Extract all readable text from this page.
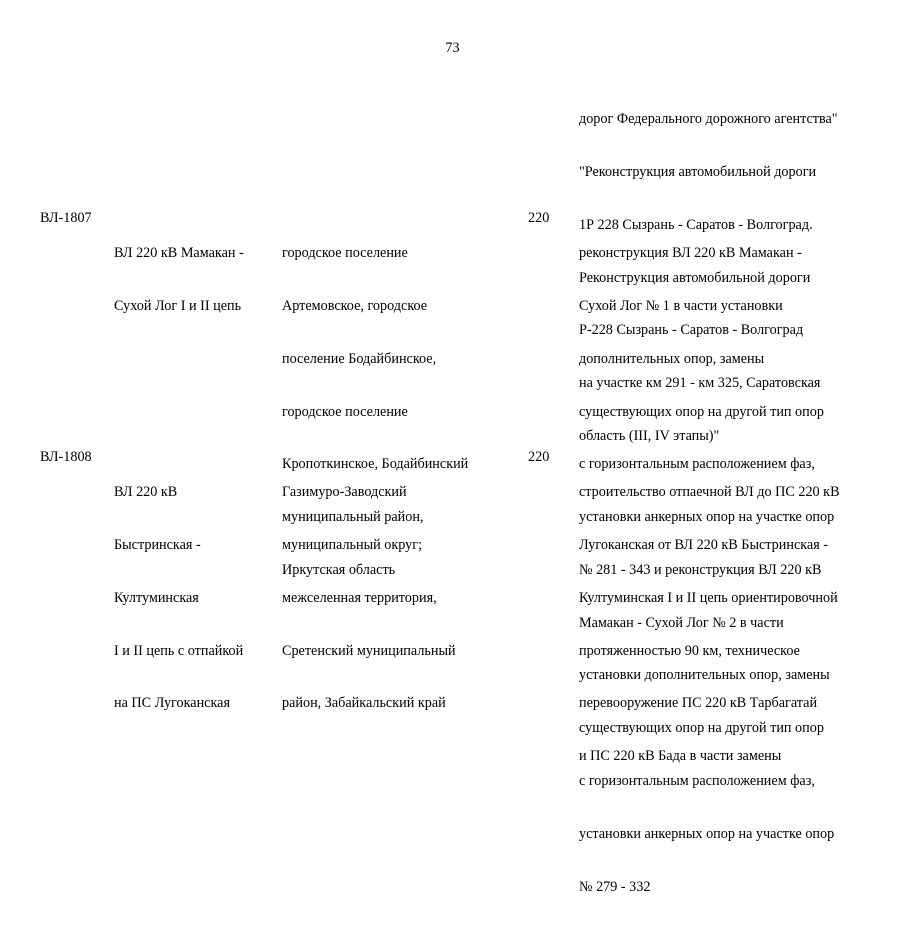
73

дорог Федерального дорожного агентства"

"Реконструкция автомобильной дороги

1Р 228 Сызрань - Саратов - Волгоград.

Реконструкция автомобильной дороги

Р-228 Сызрань - Саратов - Волгоград

на участке км 291 - км 325, Саратовская

область (III, IV этапы)"

ВЛ-1807

ВЛ 220 кВ Мамакан -

Сухой Лог I и II цепь

городское поселение

Артемовское, городское

поселение Бодайбинское,

городское поселение

Кропоткинское, Бодайбинский

муниципальный район,

Иркутская область

220

реконструкция ВЛ 220 кВ Мамакан -

Сухой Лог № 1 в части установки

дополнительных опор, замены

существующих опор на другой тип опор

с горизонтальным расположением фаз,

установки анкерных опор на участке опор

№ 281 - 343 и реконструкция ВЛ 220 кВ

Мамакан - Сухой Лог № 2 в части

установки дополнительных опор, замены

существующих опор на другой тип опор

с горизонтальным расположением фаз,

установки анкерных опор на участке опор

№ 279 - 332

ВЛ-1808

ВЛ 220 кВ

Быстринская -

Култуминская

I и II цепь с отпайкой

на ПС Лугоканская

Газимуро-Заводский

муниципальный округ;

межселенная территория,

Сретенский муниципальный

район, Забайкальский край

220

строительство отпаечной ВЛ до ПС 220 кВ

Лугоканская от ВЛ 220 кВ Быстринская -

Култуминская I и II цепь ориентировочной

протяженностью 90 км, техническое

перевооружение ПС 220 кВ Тарбагатай

и ПС 220 кВ Бада в части замены
